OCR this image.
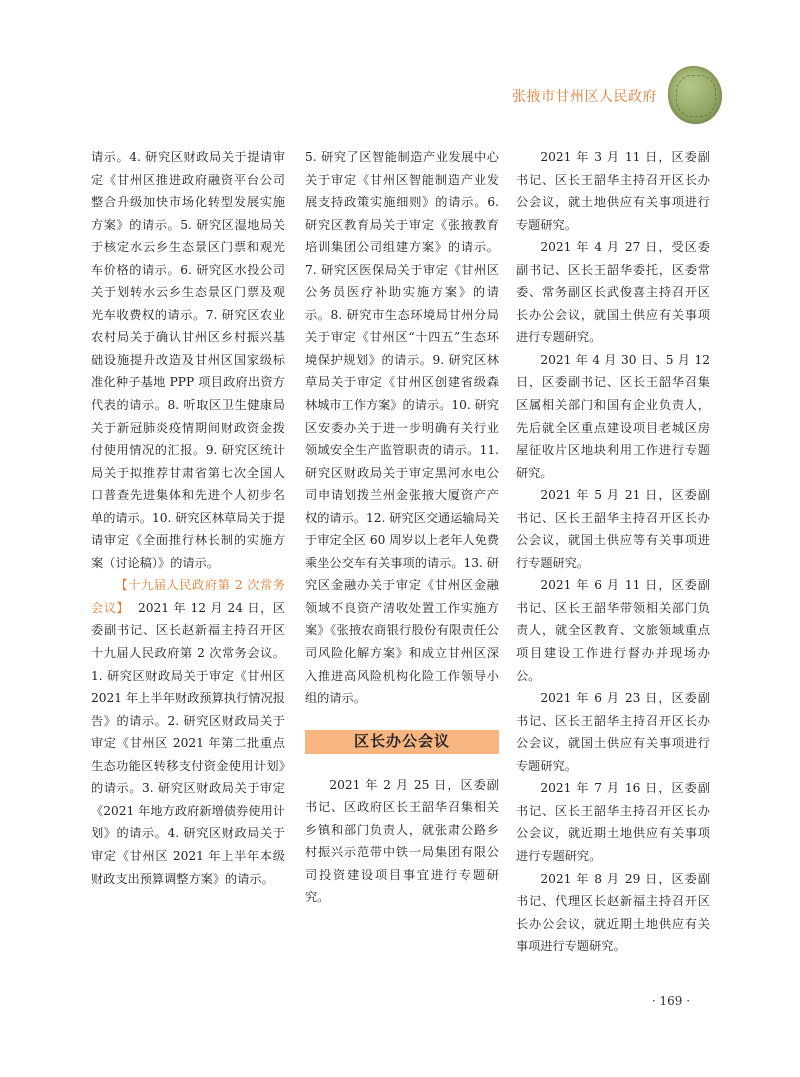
张掖市甘州区人民政府

请示。4. 研究区财政局关于提请审定《甘州区推进政府融资平台公司整合升级加快市场化转型发展实施方案》的请示。5. 研究区湿地局关于核定水云乡生态景区门票和观光车价格的请示。6. 研究区水投公司关于划转水云乡生态景区门票及观光车收费权的请示。7. 研究区农业农村局关于确认甘州区乡村振兴基础设施提升改造及甘州区国家级标准化种子基地 PPP 项目政府出资方代表的请示。8. 听取区卫生健康局关于新冠肺炎疫情期间财政资金拨付使用情况的汇报。9. 研究区统计局关于拟推荐甘肃省第七次全国人口普查先进集体和先进个人初步名单的请示。10. 研究区林草局关于提请审定《全面推行林长制的实施方案（讨论稿）》的请示。

【十九届人民政府第 2 次常务会议】 2021 年 12 月 24 日，区委副书记、区长赵新福主持召开区十九届人民政府第 2 次常务会议。1. 研究区财政局关于审定《甘州区 2021 年上半年财政预算执行情况报告》的请示。2. 研究区财政局关于审定《甘州区 2021 年第二批重点生态功能区转移支付资金使用计划》的请示。3. 研究区财政局关于审定《2021 年地方政府新增债券使用计划》的请示。4. 研究区财政局关于审定《甘州区 2021 年上半年本级财政支出预算调整方案》的请示。

5. 研究了区智能制造产业发展中心关于审定《甘州区智能制造产业发展支持政策实施细则》的请示。6. 研究区教育局关于审定《张掖教育培训集团公司组建方案》的请示。7. 研究区医保局关于审定《甘州区公务员医疗补助实施方案》的请示。8. 研究市生态环境局甘州分局关于审定《甘州区“十四五”生态环境保护规划》的请示。9. 研究区林草局关于审定《甘州区创建省级森林城市工作方案》的请示。10. 研究区安委办关于进一步明确有关行业领域安全生产监管职责的请示。11. 研究区财政局关于审定黑河水电公司申请划拨兰州金张掖大厦资产产权的请示。12. 研究区交通运输局关于审定全区 60 周岁以上老年人免费乘坐公交车有关事项的请示。13. 研究区金融办关于审定《甘州区金融领域不良资产清收处置工作实施方案》《张掖农商银行股份有限责任公司风险化解方案》和成立甘州区深入推进高风险机构化险工作领导小组的请示。

区长办公会议

2021 年 2 月 25 日，区委副书记、区政府区长王韶华召集相关乡镇和部门负责人，就张肃公路乡村振兴示范带中铁一局集团有限公司投资建设项目事宜进行专题研究。

2021 年 3 月 11 日，区委副书记、区长王韶华主持召开区长办公会议，就土地供应有关事项进行专题研究。

2021 年 4 月 27 日，受区委副书记、区长王韶华委托，区委常委、常务副区长武俊喜主持召开区长办公会议，就国土供应有关事项进行专题研究。

2021 年 4 月 30 日、5 月 12 日，区委副书记、区长王韶华召集区属相关部门和国有企业负责人，先后就全区重点建设项目老城区房屋征收片区地块利用工作进行专题研究。

2021 年 5 月 21 日，区委副书记、区长王韶华主持召开区长办公会议，就国土供应等有关事项进行专题研究。

2021 年 6 月 11 日，区委副书记、区长王韶华带领相关部门负责人，就全区教育、文旅领域重点项目建设工作进行督办并现场办公。

2021 年 6 月 23 日，区委副书记、区长王韶华主持召开区长办公会议，就国土供应有关事项进行专题研究。

2021 年 7 月 16 日，区委副书记、区长王韶华主持召开区长办公会议，就近期土地供应有关事项进行专题研究。

2021 年 8 月 29 日，区委副书记、代理区长赵新福主持召开区长办公会议，就近期土地供应有关事项进行专题研究。

· 169 ·
